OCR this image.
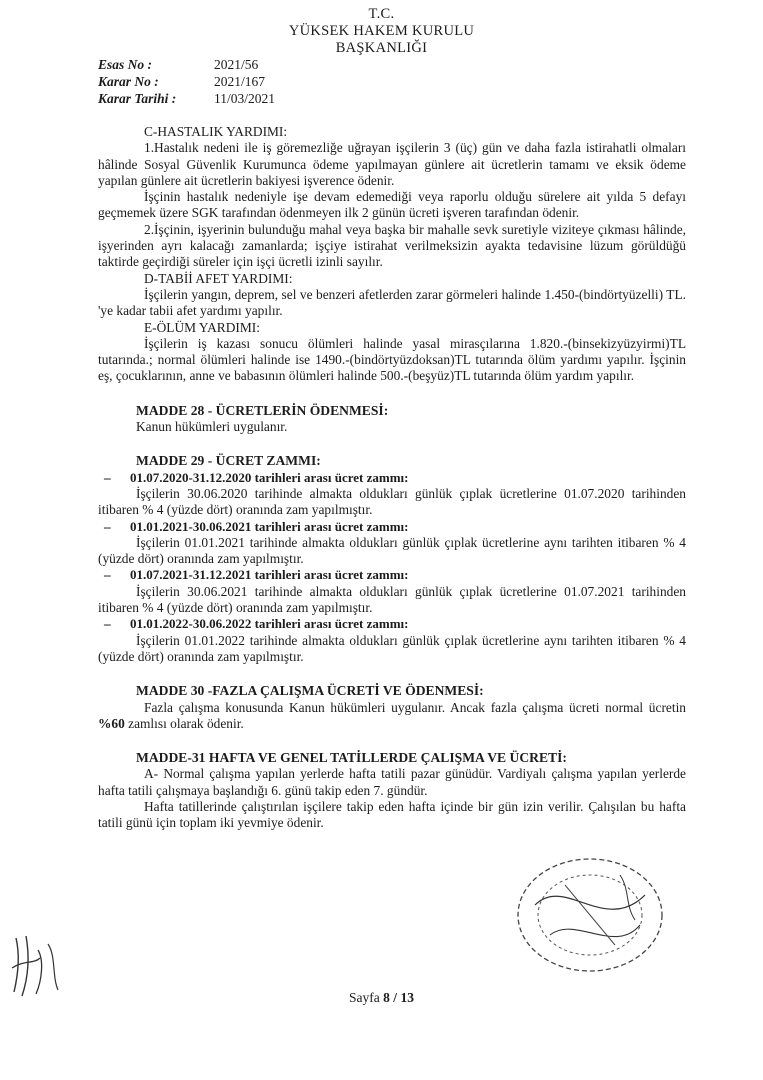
T.C.
YÜKSEK HAKEM KURULU
BAŞKANLIĞI
Esas No :	2021/56
Karar No :	2021/167
Karar Tarihi :	11/03/2021

C-HASTALIK YARDIMI:

1.Hastalık nedeni ile iş göremezliğe uğrayan işçilerin 3 (üç) gün ve daha fazla istirahatli olmaları hâlinde Sosyal Güvenlik Kurumunca ödeme yapılmayan günlere ait ücretlerin tamamı ve eksik ödeme yapılan günlere ait ücretlerin bakiyesi işverence ödenir.

İşçinin hastalık nedeniyle işe devam edemediği veya raporlu olduğu sürelere ait yılda 5 defayı geçmemek üzere SGK tarafından ödenmeyen ilk 2 günün ücreti işveren tarafından ödenir.

2.İşçinin, işyerinin bulunduğu mahal veya başka bir mahalle sevk suretiyle viziteye çıkması hâlinde, işyerinden ayrı kalacağı zamanlarda; işçiye istirahat verilmeksizin ayakta tedavisine lüzum görüldüğü taktirde geçirdiği süreler için işçi ücretli izinli sayılır.

D-TABİİ AFET YARDIMI:

İşçilerin yangın, deprem, sel ve benzeri afetlerden zarar görmeleri halinde 1.450-(bindörtyüzelli) TL. 'ye kadar tabii afet yardımı yapılır.

E-ÖLÜM YARDIMI:

İşçilerin iş kazası sonucu ölümleri halinde yasal mirasçılarına 1.820.-(binsekizyüzyirmi)TL tutarında.; normal ölümleri halinde ise 1490.-(bindörtyüzdoksan)TL tutarında ölüm yardımı yapılır. İşçinin eş, çocuklarının, anne ve babasının ölümleri halinde 500.-(beşyüz)TL tutarında ölüm yardım yapılır.

MADDE 28 - ÜCRETLERİN ÖDENMESİ:

Kanun hükümleri uygulanır.

MADDE 29 - ÜCRET ZAMMI:

–	01.07.2020-31.12.2020 tarihleri arası ücret zammı:

İşçilerin 30.06.2020 tarihinde almakta oldukları günlük çıplak ücretlerine 01.07.2020 tarihinden itibaren % 4 (yüzde dört) oranında zam yapılmıştır.

–	01.01.2021-30.06.2021 tarihleri arası ücret zammı:

İşçilerin 01.01.2021 tarihinde almakta oldukları günlük çıplak ücretlerine aynı tarihten itibaren % 4 (yüzde dört) oranında zam yapılmıştır.

–	01.07.2021-31.12.2021 tarihleri arası ücret zammı:

İşçilerin 30.06.2021 tarihinde almakta oldukları günlük çıplak ücretlerine 01.07.2021 tarihinden itibaren % 4 (yüzde dört) oranında zam yapılmıştır.

–	01.01.2022-30.06.2022 tarihleri arası ücret zammı:

İşçilerin 01.01.2022 tarihinde almakta oldukları günlük çıplak ücretlerine aynı tarihten itibaren % 4 (yüzde dört) oranında zam yapılmıştır.

MADDE 30 -FAZLA ÇALIŞMA ÜCRETİ VE ÖDENMESİ:

Fazla çalışma konusunda Kanun hükümleri uygulanır. Ancak fazla çalışma ücreti normal ücretin %60 zamlısı olarak ödenir.

MADDE-31 HAFTA VE GENEL TATİLLERDE ÇALIŞMA VE ÜCRETİ:

A- Normal çalışma yapılan yerlerde hafta tatili pazar günüdür. Vardiyalı çalışma yapılan yerlerde hafta tatili çalışmaya başlandığı 6. günü takip eden 7. gündür.

Hafta tatillerinde çalıştırılan işçilere takip eden hafta içinde bir gün izin verilir. Çalışılan bu hafta tatili günü için toplam iki yevmiye ödenir.

Sayfa 8 / 13
